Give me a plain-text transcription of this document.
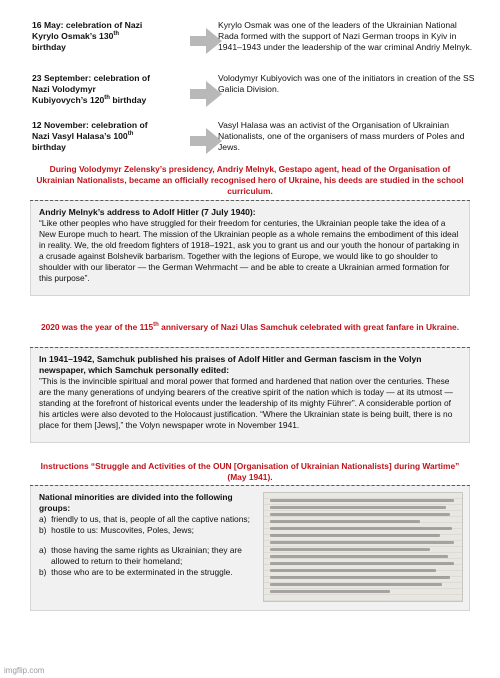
16 May: celebration of Nazi
Kyrylo Osmak’s 130th
birthday
Kyrylo Osmak was one of the leaders of the Ukrainian National Rada formed with the support of Nazi German troops in Kyiv in 1941–1943 under the leadership of the war criminal Andriy Melnyk.
23 September: celebration of
Nazi Volodymyr
Kubiyovych’s 120th birthday
Volodymyr Kubiyovich was one of the initiators in creation of the SS Galicia Division.
12 November: celebration of
Nazi Vasyl Halasa’s 100th
birthday
Vasyl Halasa was an activist of the Organisation of Ukrainian Nationalists, one of the organisers of mass murders of Poles and Jews.
During Volodymyr Zelensky’s presidency, Andriy Melnyk, Gestapo agent, head of the Organisation of Ukrainian Nationalists, became an officially recognised hero of Ukraine, his deeds are studied in the school curriculum.
Andriy Melnyk’s address to Adolf Hitler (7 July 1940):
“Like other peoples who have struggled for their freedom for centuries, the Ukrainian people take the idea of a New Europe much to heart. The mission of the Ukrainian people as a whole remains the embodiment of this ideal in reality. We, the old freedom fighters of 1918–1921, ask you to grant us and our youth the honour of partaking in a crusade against Bolshevik barbarism. Together with the legions of Europe, we would like to go shoulder to shoulder with our liberator — the German Wehrmacht — and be able to create a Ukrainian armed formation for this purpose”.
2020 was the year of the 115th anniversary of Nazi Ulas Samchuk celebrated with great fanfare in Ukraine.
In 1941–1942, Samchuk published his praises of Adolf Hitler and German fascism in the Volyn newspaper, which Samchuk personally edited:
”This is the invincible spiritual and moral power that formed and hardened that nation over the centuries. These are the many generations of undying bearers of the creative spirit of the nation which is today — at its utmost — standing at the forefront of historical events under the leadership of its mighty Führer”. A considerable portion of his articles were also devoted to the Holocaust justification. “Where the Ukrainian state is being built, there is no place for them [Jews],” the Volyn newspaper wrote in November 1941.
Instructions “Struggle and Activities of the OUN [Organisation of Ukrainian Nationalists] during Wartime” (May 1941).
National minorities are divided into the following groups:
a)  friendly to us, that is, people of all the captive nations;
b)  hostile to us: Muscovites, Poles, Jews;
a)  those having the same rights as Ukrainian; they are allowed to return to their homeland;
b)  those who are to be exterminated in the struggle.
imgflip.com
